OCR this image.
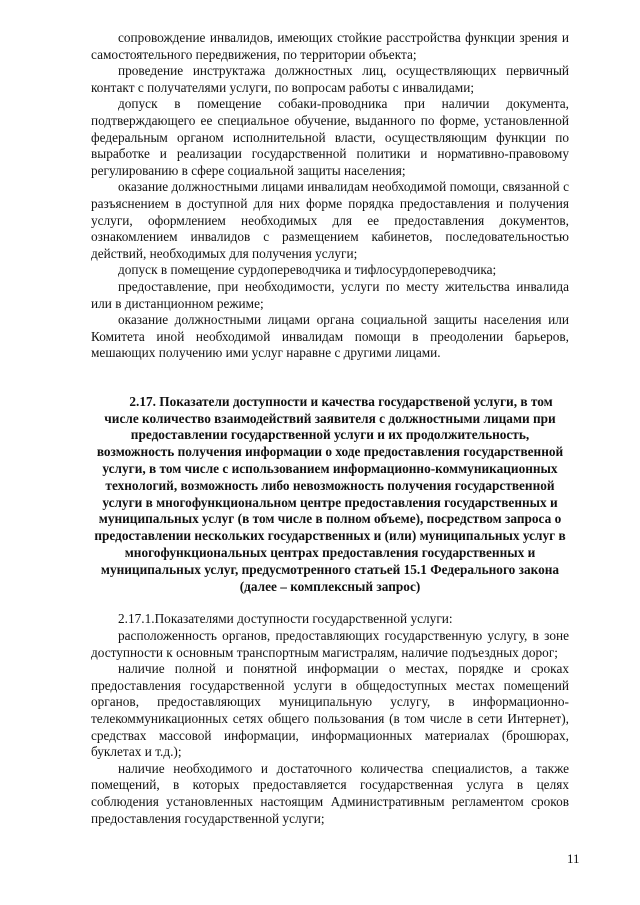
сопровождение инвалидов, имеющих стойкие расстройства функции зрения и самостоятельного передвижения, по территории объекта;

проведение инструктажа должностных лиц, осуществляющих первичный контакт с получателями услуги, по вопросам работы с инвалидами;

допуск в помещение собаки-проводника при наличии документа, подтверждающего ее специальное обучение, выданного по форме, установленной федеральным органом исполнительной власти, осуществляющим функции по выработке и реализации государственной политики и нормативно-правовому регулированию в сфере социальной защиты населения;

оказание должностными лицами инвалидам необходимой помощи, связанной с разъяснением в доступной для них форме порядка предоставления и получения услуги, оформлением необходимых для ее предоставления документов, ознакомлением инвалидов с размещением кабинетов, последовательностью действий, необходимых для получения услуги;

допуск в помещение сурдопереводчика и тифлосурдопереводчика;

предоставление, при необходимости, услуги по месту жительства инвалида или в дистанционном режиме;

оказание должностными лицами органа социальной защиты населения или Комитета иной необходимой инвалидам помощи в преодолении барьеров, мешающих получению ими услуг наравне с другими лицами.

2.17. Показатели доступности и качества государственой услуги, в том
числе количество взаимодействий заявителя с должностными лицами при предоставлении государственной услуги и их продолжительность, возможность получения информации о ходе предоставления государственной услуги, в том числе с использованием информационно-коммуникационных технологий, возможность либо невозможность получения государственной услуги в многофункциональном центре предоставления государственных и муниципальных услуг (в том числе в полном объеме), посредством запроса о предоставлении нескольких государственных и (или) муниципальных услуг в многофункциональных центрах предоставления государственных и муниципальных услуг, предусмотренного статьей 15.1 Федерального закона (далее – комплексный запрос)

2.17.1.Показателями доступности государственной услуги:

расположенность органов, предоставляющих государственную услугу, в зоне доступности к основным транспортным магистралям, наличие подъездных дорог;

наличие полной и понятной информации о местах, порядке и сроках предоставления государственной услуги в общедоступных местах помещений органов, предоставляющих муниципальную услугу, в информационно-телекоммуникационных сетях общего пользования (в том числе в сети Интернет), средствах массовой информации, информационных материалах (брошюрах, буклетах и т.д.);

наличие необходимого и достаточного количества специалистов, а также помещений, в которых предоставляется государственная услуга в целях соблюдения установленных настоящим Административным регламентом сроков предоставления государственной услуги;

11
